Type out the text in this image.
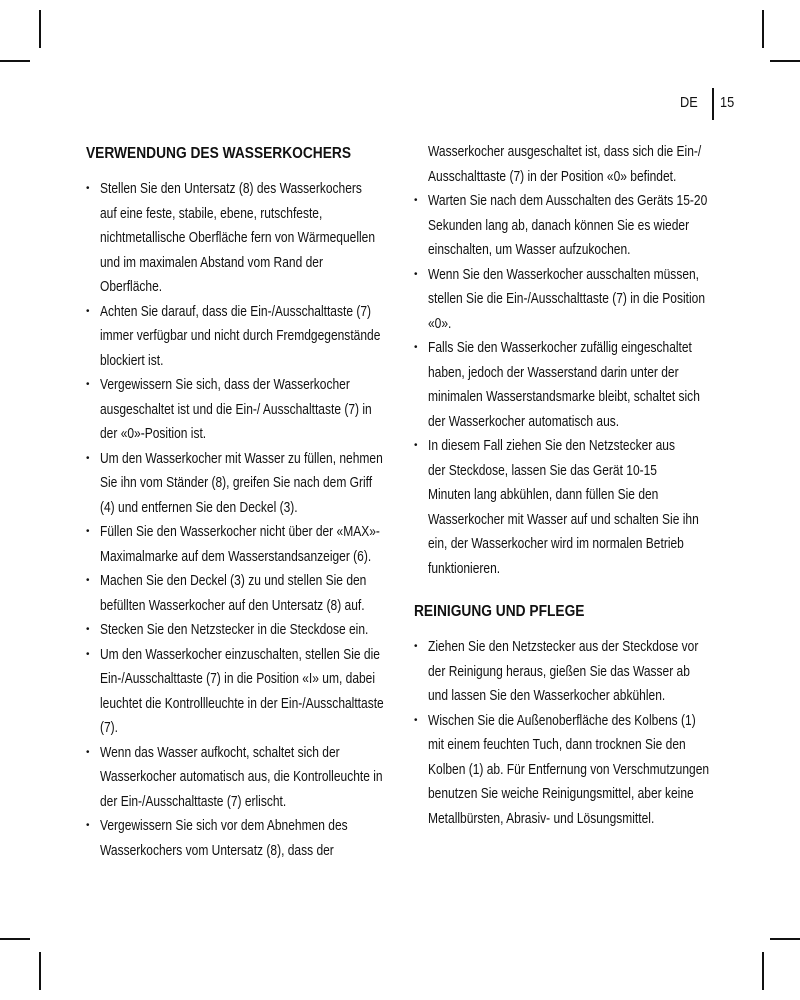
DE 15
VERWENDUNG DES WASSERKOCHERS
• Stellen Sie den Untersatz (8) des Wasserkochers
auf eine feste, stabile, ebene, rutschfeste,
nichtmetallische Oberfläche fern von Wärmequellen
und im maximalen Abstand vom Rand der
Oberfläche.
• Achten Sie darauf, dass die Ein-/Ausschalttaste (7)
immer verfügbar und nicht durch Fremdgegenstände
blockiert ist.
• Vergewissern Sie sich, dass der Wasserkocher
ausgeschaltet ist und die Ein-/ Ausschalttaste (7) in
der «0»-Position ist.
• Um den Wasserkocher mit Wasser zu füllen, nehmen
Sie ihn vom Ständer (8), greifen Sie nach dem Griff
(4) und entfernen Sie den Deckel (3).
• Füllen Sie den Wasserkocher nicht über der «MAX»-
Maximalmarke auf dem Wasserstandsanzeiger (6).
• Machen Sie den Deckel (3) zu und stellen Sie den
befüllten Wasserkocher auf den Untersatz (8) auf.
• Stecken Sie den Netzstecker in die Steckdose ein.
• Um den Wasserkocher einzuschalten, stellen Sie die
Ein-/Ausschalttaste (7) in die Position «I» um, dabei
leuchtet die Kontrollleuchte in der Ein-/Ausschalttaste
(7).
• Wenn das Wasser aufkocht, schaltet sich der
Wasserkocher automatisch aus, die Kontrolleuchte in
der Ein-/Ausschalttaste (7) erlischt.
• Vergewissern Sie sich vor dem Abnehmen des
Wasserkochers vom Untersatz (8), dass der
Wasserkocher ausgeschaltet ist, dass sich die Ein-/
Ausschalttaste (7) in der Position «0» befindet.
• Warten Sie nach dem Ausschalten des Geräts 15-20
Sekunden lang ab, danach können Sie es wieder
einschalten, um Wasser aufzukochen.
• Wenn Sie den Wasserkocher ausschalten müssen,
stellen Sie die Ein-/Ausschalttaste (7) in die Position
«0».
• Falls Sie den Wasserkocher zufällig eingeschaltet
haben, jedoch der Wasserstand darin unter der
minimalen Wasserstandsmarke bleibt, schaltet sich
der Wasserkocher automatisch aus.
• In diesem Fall ziehen Sie den Netzstecker aus
der Steckdose, lassen Sie das Gerät 10-15
Minuten lang abkühlen, dann füllen Sie den
Wasserkocher mit Wasser auf und schalten Sie ihn
ein, der Wasserkocher wird im normalen Betrieb
funktionieren.
REINIGUNG UND PFLEGE
• Ziehen Sie den Netzstecker aus der Steckdose vor
der Reinigung heraus, gießen Sie das Wasser ab
und lassen Sie den Wasserkocher abkühlen.
• Wischen Sie die Außenoberfläche des Kolbens (1)
mit einem feuchten Tuch, dann trocknen Sie den
Kolben (1) ab. Für Entfernung von Verschmutzungen
benutzen Sie weiche Reinigungsmittel, aber keine
Metallbürsten, Abrasiv- und Lösungsmittel.
